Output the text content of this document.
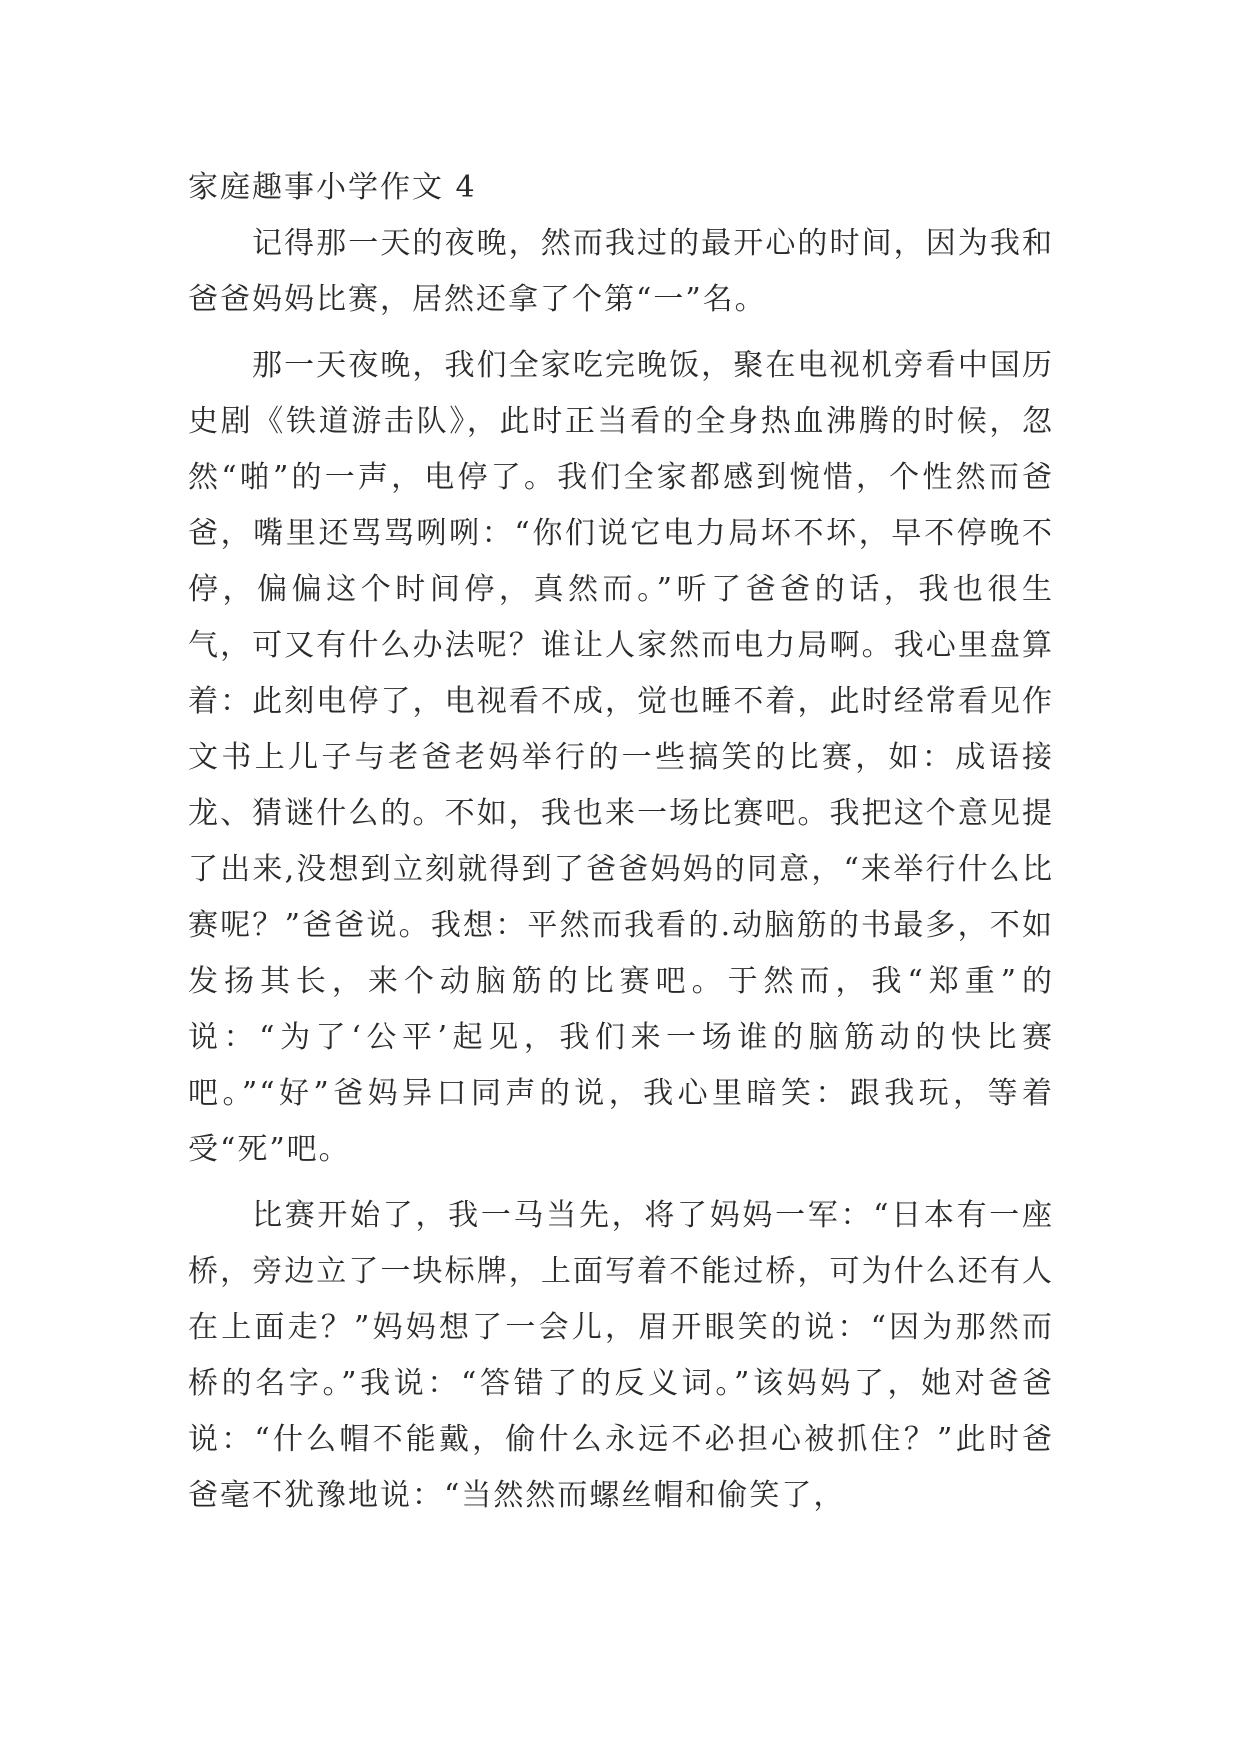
家庭趣事小学作文 4

记得那一天的夜晚，然而我过的最开心的时间，因为我和爸爸妈妈比赛，居然还拿了个第“一”名。

那一天夜晚，我们全家吃完晚饭，聚在电视机旁看中国历史剧《铁道游击队》，此时正当看的全身热血沸腾的时候，忽然“啪”的一声，电停了。我们全家都感到惋惜，个性然而爸爸，嘴里还骂骂咧咧：“你们说它电力局坏不坏，早不停晚不停，偏偏这个时间停，真然而。”听了爸爸的话，我也很生气，可又有什么办法呢？谁让人家然而电力局啊。我心里盘算着：此刻电停了，电视看不成，觉也睡不着，此时经常看见作文书上儿子与老爸老妈举行的一些搞笑的比赛，如：成语接龙、猜谜什么的。不如，我也来一场比赛吧。我把这个意见提了出来,没想到立刻就得到了爸爸妈妈的同意，“来举行什么比赛呢？”爸爸说。我想：平然而我看的.动脑筋的书最多，不如发扬其长，来个动脑筋的比赛吧。于然而，我“郑重”的说：“为了‘公平’起见，我们来一场谁的脑筋动的快比赛吧。”“好”爸妈异口同声的说，我心里暗笑：跟我玩，等着受“死”吧。

比赛开始了，我一马当先，将了妈妈一军：“日本有一座桥，旁边立了一块标牌，上面写着不能过桥，可为什么还有人在上面走？”妈妈想了一会儿，眉开眼笑的说：“因为那然而桥的名字。”我说：“答错了的反义词。”该妈妈了，她对爸爸说：“什么帽不能戴，偷什么永远不必担心被抓住？”此时爸爸毫不犹豫地说：“当然然而螺丝帽和偷笑了，
